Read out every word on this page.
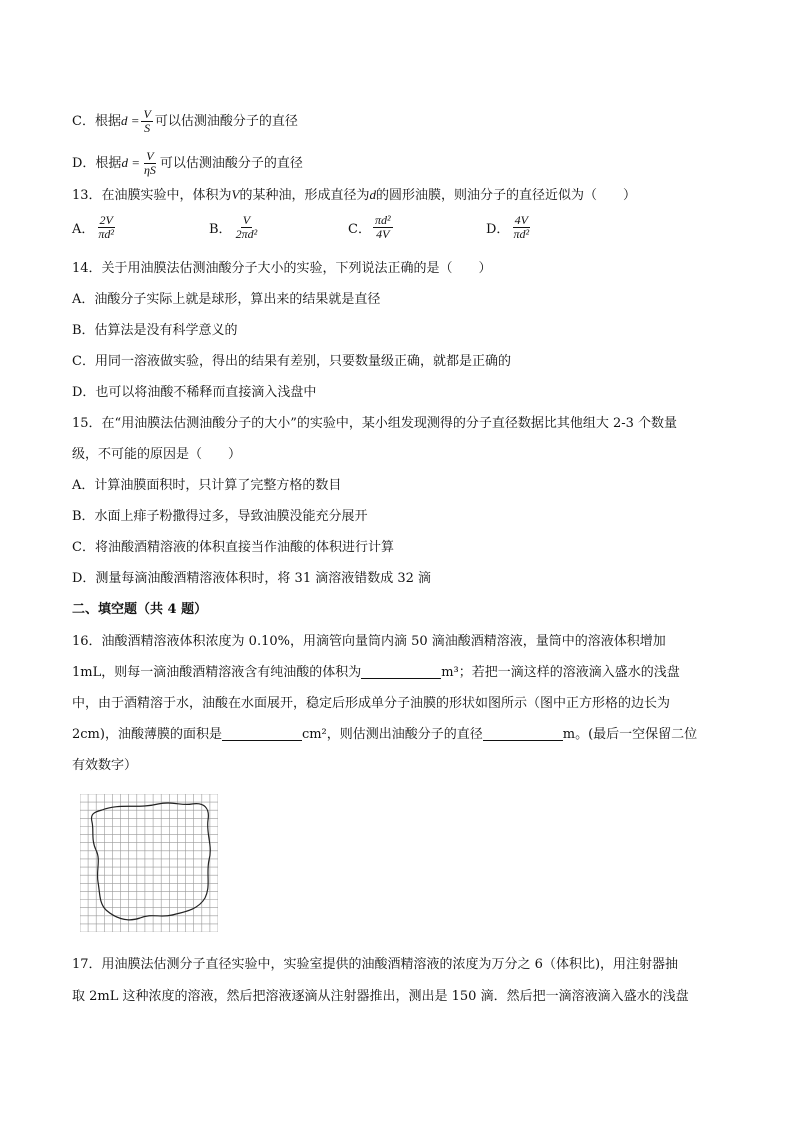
C．根据$d = \frac{V}{S}$ 可以估测油酸分子的直径
D．根据$d = \frac{V}{\eta S}$ 可以估测油酸分子的直径
13．在油膜实验中，体积为V的某种油，形成直径为d的圆形油膜，则油分子的直径近似为（　　）
A． $\frac{2V}{\text{πd²}}$	B． $\frac{V}{\text{2πd²}}$	C． $\frac{\text{πd²}}{4V}$	D． $\frac{4V}{\text{πd²}}$
14．关于用油膜法估测油酸分子大小的实验，下列说法正确的是（　　）
A．油酸分子实际上就是球形，算出来的结果就是直径
B．估算法是没有科学意义的
C．用同一溶液做实验，得出的结果有差别，只要数量级正确，就都是正确的
D．也可以将油酸不稀释而直接滴入浅盘中
15．在“用油膜法估测油酸分子的大小”的实验中，某小组发现测得的分子直径数据比其他组大 2-3 个数量
级，不可能的原因是（　　）
A．计算油膜面积时，只计算了完整方格的数目
B．水面上痱子粉撒得过多，导致油膜没能充分展开
C．将油酸酒精溶液的体积直接当作油酸的体积进行计算
D．测量每滴油酸酒精溶液体积时，将 31 滴溶液错数成 32 滴
二、填空题（共 4 题）
16．油酸酒精溶液体积浓度为 0.10%，用滴管向量筒内滴 50 滴油酸酒精溶液，量筒中的溶液体积增加
1mL，则每一滴油酸酒精溶液含有纯油酸的体积为	m³；若把一滴这样的溶液滴入盛水的浅盘
中，由于酒精溶于水，油酸在水面展开，稳定后形成单分子油膜的形状如图所示（图中正方形格的边长为
2cm)，油酸薄膜的面积是	cm²，则估测出油酸分子的直径	m。(最后一空保留二位
有效数字）
17．用油膜法估测分子直径实验中，实验室提供的油酸酒精溶液的浓度为万分之 6（体积比)，用注射器抽
取 2mL 这种浓度的溶液，然后把溶液逐滴从注射器推出，测出是 150 滴．然后把一滴溶液滴入盛水的浅盘
